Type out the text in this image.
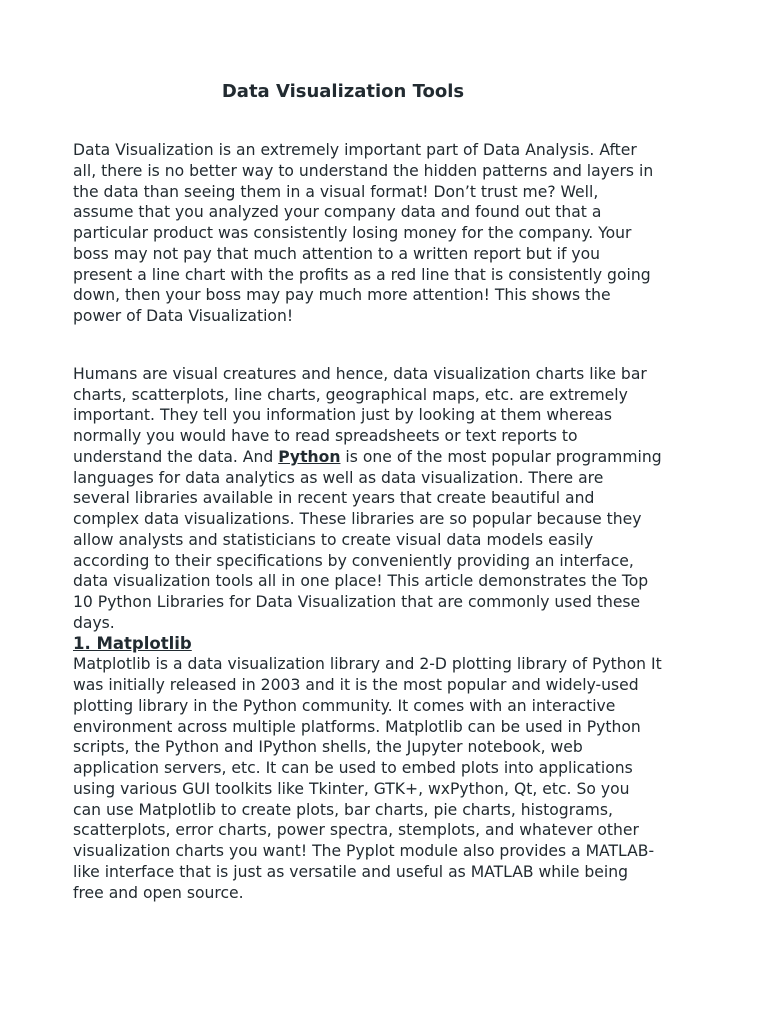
Data Visualization Tools

Data Visualization is an extremely important part of Data Analysis. After
all, there is no better way to understand the hidden patterns and layers in
the data than seeing them in a visual format! Don’t trust me? Well,
assume that you analyzed your company data and found out that a
particular product was consistently losing money for the company. Your
boss may not pay that much attention to a written report but if you
present a line chart with the profits as a red line that is consistently going
down, then your boss may pay much more attention! This shows the
power of Data Visualization!

Humans are visual creatures and hence, data visualization charts like bar
charts, scatterplots, line charts, geographical maps, etc. are extremely
important. They tell you information just by looking at them whereas
normally you would have to read spreadsheets or text reports to
understand the data. And Python is one of the most popular programming
languages for data analytics as well as data visualization. There are
several libraries available in recent years that create beautiful and
complex data visualizations. These libraries are so popular because they
allow analysts and statisticians to create visual data models easily
according to their specifications by conveniently providing an interface,
data visualization tools all in one place! This article demonstrates the Top
10 Python Libraries for Data Visualization that are commonly used these
days.

1. Matplotlib

Matplotlib is a data visualization library and 2-D plotting library of Python It
was initially released in 2003 and it is the most popular and widely-used
plotting library in the Python community. It comes with an interactive
environment across multiple platforms. Matplotlib can be used in Python
scripts, the Python and IPython shells, the Jupyter notebook, web
application servers, etc. It can be used to embed plots into applications
using various GUI toolkits like Tkinter, GTK+, wxPython, Qt, etc. So you
can use Matplotlib to create plots, bar charts, pie charts, histograms,
scatterplots, error charts, power spectra, stemplots, and whatever other
visualization charts you want! The Pyplot module also provides a MATLAB-
like interface that is just as versatile and useful as MATLAB while being
free and open source.
